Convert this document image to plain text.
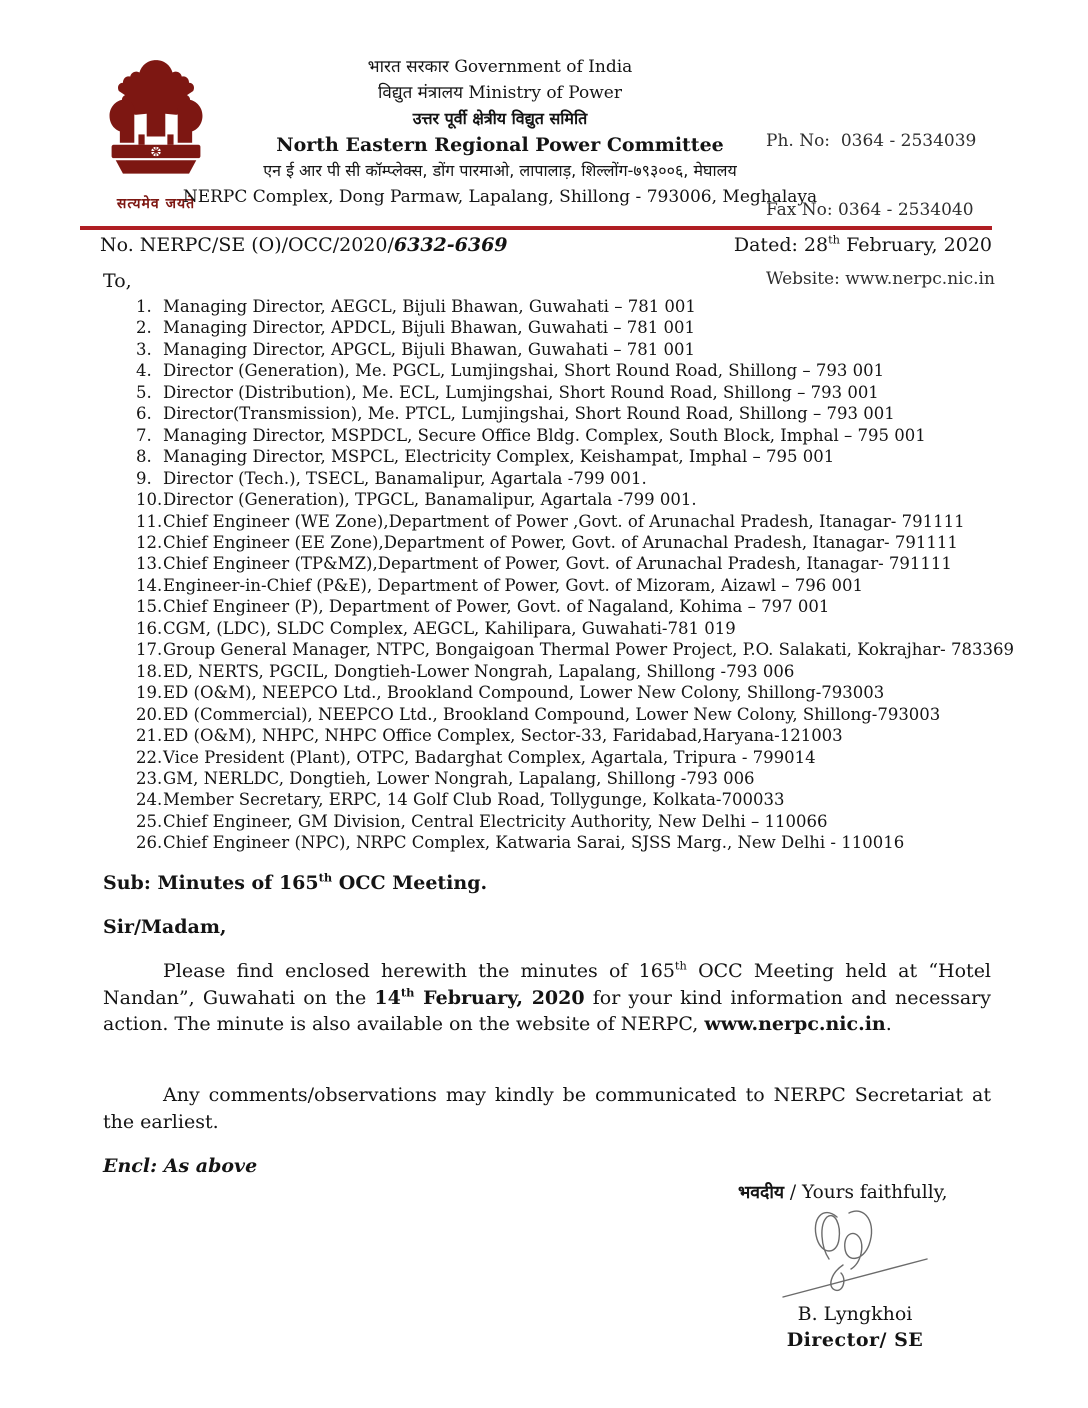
सत्यमेव जयते
भारत सरकार Government of India
विद्युत मंत्रालय Ministry of Power
उत्तर पूर्वी क्षेत्रीय विद्युत समिति
North Eastern Regional Power Committee
एन ई आर पी सी कॉम्प्लेक्स, डोंग पारमाओ, लापालाड़, शिल्लोंग-७९३००६, मेघालय
NERPC Complex, Dong Parmaw, Lapalang, Shillong - 793006, Meghalaya

Ph. No:  0364 - 2534039

Fax No: 0364 - 2534040

Website: www.nerpc.nic.in

No. NERPC/SE (O)/OCC/2020/6332-6369	Dated: 28th February, 2020
To,
1. Managing Director, AEGCL, Bijuli Bhawan, Guwahati – 781 001
2. Managing Director, APDCL, Bijuli Bhawan, Guwahati – 781 001
3. Managing Director, APGCL, Bijuli Bhawan, Guwahati – 781 001
4. Director (Generation), Me. PGCL, Lumjingshai, Short Round Road, Shillong – 793 001
5. Director (Distribution), Me. ECL, Lumjingshai, Short Round Road, Shillong – 793 001
6. Director(Transmission), Me. PTCL, Lumjingshai, Short Round Road, Shillong – 793 001
7. Managing Director, MSPDCL, Secure Office Bldg. Complex, South Block, Imphal – 795 001
8. Managing Director, MSPCL, Electricity Complex, Keishampat, Imphal – 795 001
9. Director (Tech.), TSECL, Banamalipur, Agartala -799 001.
10. Director (Generation), TPGCL, Banamalipur, Agartala -799 001.
11. Chief Engineer (WE Zone),Department of Power ,Govt. of Arunachal Pradesh, Itanagar- 791111
12. Chief Engineer (EE Zone),Department of Power, Govt. of Arunachal Pradesh, Itanagar- 791111
13. Chief Engineer (TP&MZ),Department of Power, Govt. of Arunachal Pradesh, Itanagar- 791111
14. Engineer-in-Chief (P&E), Department of Power, Govt. of Mizoram, Aizawl – 796 001
15. Chief Engineer (P), Department of Power, Govt. of Nagaland, Kohima – 797 001
16. CGM, (LDC), SLDC Complex, AEGCL, Kahilipara, Guwahati-781 019
17. Group General Manager, NTPC, Bongaigoan Thermal Power Project, P.O. Salakati, Kokrajhar- 783369
18. ED, NERTS, PGCIL, Dongtieh-Lower Nongrah, Lapalang, Shillong -793 006
19. ED (O&M), NEEPCO Ltd., Brookland Compound, Lower New Colony, Shillong-793003
20. ED (Commercial), NEEPCO Ltd., Brookland Compound, Lower New Colony, Shillong-793003
21. ED (O&M), NHPC, NHPC Office Complex, Sector-33, Faridabad,Haryana-121003
22. Vice President (Plant), OTPC, Badarghat Complex, Agartala, Tripura - 799014
23. GM, NERLDC, Dongtieh, Lower Nongrah, Lapalang, Shillong -793 006
24. Member Secretary, ERPC, 14 Golf Club Road, Tollygunge, Kolkata-700033
25. Chief Engineer, GM Division, Central Electricity Authority, New Delhi – 110066
26. Chief Engineer (NPC), NRPC Complex, Katwaria Sarai, SJSS Marg., New Delhi - 110016
Sub: Minutes of 165th OCC Meeting.
Sir/Madam,
Please find enclosed herewith the minutes of 165th OCC Meeting held at “Hotel Nandan”, Guwahati on the 14th February, 2020 for your kind information and necessary action. The minute is also available on the website of NERPC, www.nerpc.nic.in.
Any comments/observations may kindly be communicated to NERPC Secretariat at the earliest.
Encl: As above
भवदीय / Yours faithfully,
B. Lyngkhoi
Director/ SE
